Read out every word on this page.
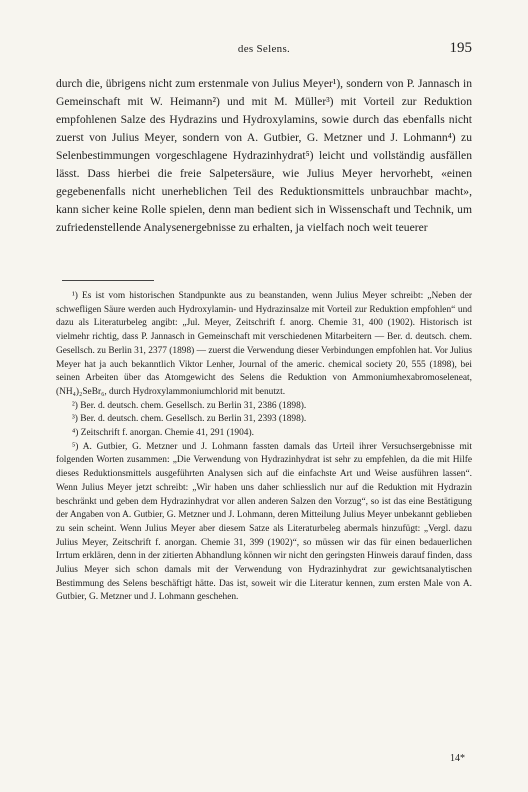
des Selens.	195

durch die, übrigens nicht zum erstenmale von Julius Meyer¹), sondern von P. Jannasch in Gemeinschaft mit W. Heimann²) und mit M. Müller³) mit Vorteil zur Reduktion empfohlenen Salze des Hydrazins und Hydroxylamins, sowie durch das ebenfalls nicht zuerst von Julius Meyer, sondern von A. Gutbier, G. Metzner und J. Lohmann⁴) zu Selenbestimmungen vorgeschlagene Hydrazinhydrat⁵) leicht und vollständig ausfällen lässt. Dass hierbei die freie Salpetersäure, wie Julius Meyer hervorhebt, «einen gegebenenfalls nicht unerheblichen Teil des Reduktionsmittels unbrauchbar macht», kann sicher keine Rolle spielen, denn man bedient sich in Wissenschaft und Technik, um zufriedenstellende Analysenergebnisse zu erhalten, ja vielfach noch weit teuerer

¹) Es ist vom historischen Standpunkte aus zu beanstanden, wenn Julius Meyer schreibt: „Neben der schwefligen Säure werden auch Hydroxylamin- und Hydrazinsalze mit Vorteil zur Reduktion empfohlen“ und dazu als Literaturbeleg angibt: „Jul. Meyer, Zeitschrift f. anorg. Chemie 31, 400 (1902). Historisch ist vielmehr richtig, dass P. Jannasch in Gemeinschaft mit verschiedenen Mitarbeitern — Ber. d. deutsch. chem. Gesellsch. zu Berlin 31, 2377 (1898) — zuerst die Verwendung dieser Verbindungen empfohlen hat. Vor Julius Meyer hat ja auch bekanntlich Viktor Lenher, Journal of the americ. chemical society 20, 555 (1898), bei seinen Arbeiten über das Atomgewicht des Selens die Reduktion von Ammoniumhexabromoseleneat, (NH₄)₂SeBr₆, durch Hydroxylammoniumchlorid mit benutzt.

²) Ber. d. deutsch. chem. Gesellsch. zu Berlin 31, 2386 (1898).

³) Ber. d. deutsch. chem. Gesellsch. zu Berlin 31, 2393 (1898).

⁴) Zeitschrift f. anorgan. Chemie 41, 291 (1904).

⁵) A. Gutbier, G. Metzner und J. Lohmann fassten damals das Urteil ihrer Versuchsergebnisse mit folgenden Worten zusammen: „Die Verwendung von Hydrazinhydrat ist sehr zu empfehlen, da die mit Hilfe dieses Reduktionsmittels ausgeführten Analysen sich auf die einfachste Art und Weise ausführen lassen“. Wenn Julius Meyer jetzt schreibt: „Wir haben uns daher schliesslich nur auf die Reduktion mit Hydrazin beschränkt und geben dem Hydrazinhydrat vor allen anderen Salzen den Vorzug“, so ist das eine Bestätigung der Angaben von A. Gutbier, G. Metzner und J. Lohmann, deren Mitteilung Julius Meyer unbekannt geblieben zu sein scheint. Wenn Julius Meyer aber diesem Satze als Literaturbeleg abermals hinzufügt: „Vergl. dazu Julius Meyer, Zeitschrift f. anorgan. Chemie 31, 399 (1902)“, so müssen wir das für einen bedauerlichen Irrtum erklären, denn in der zitierten Abhandlung können wir nicht den geringsten Hinweis darauf finden, dass Julius Meyer sich schon damals mit der Verwendung von Hydrazinhydrat zur gewichtsanalytischen Bestimmung des Selens beschäftigt hätte. Das ist, soweit wir die Literatur kennen, zum ersten Male von A. Gutbier, G. Metzner und J. Lohmann geschehen.

14*
